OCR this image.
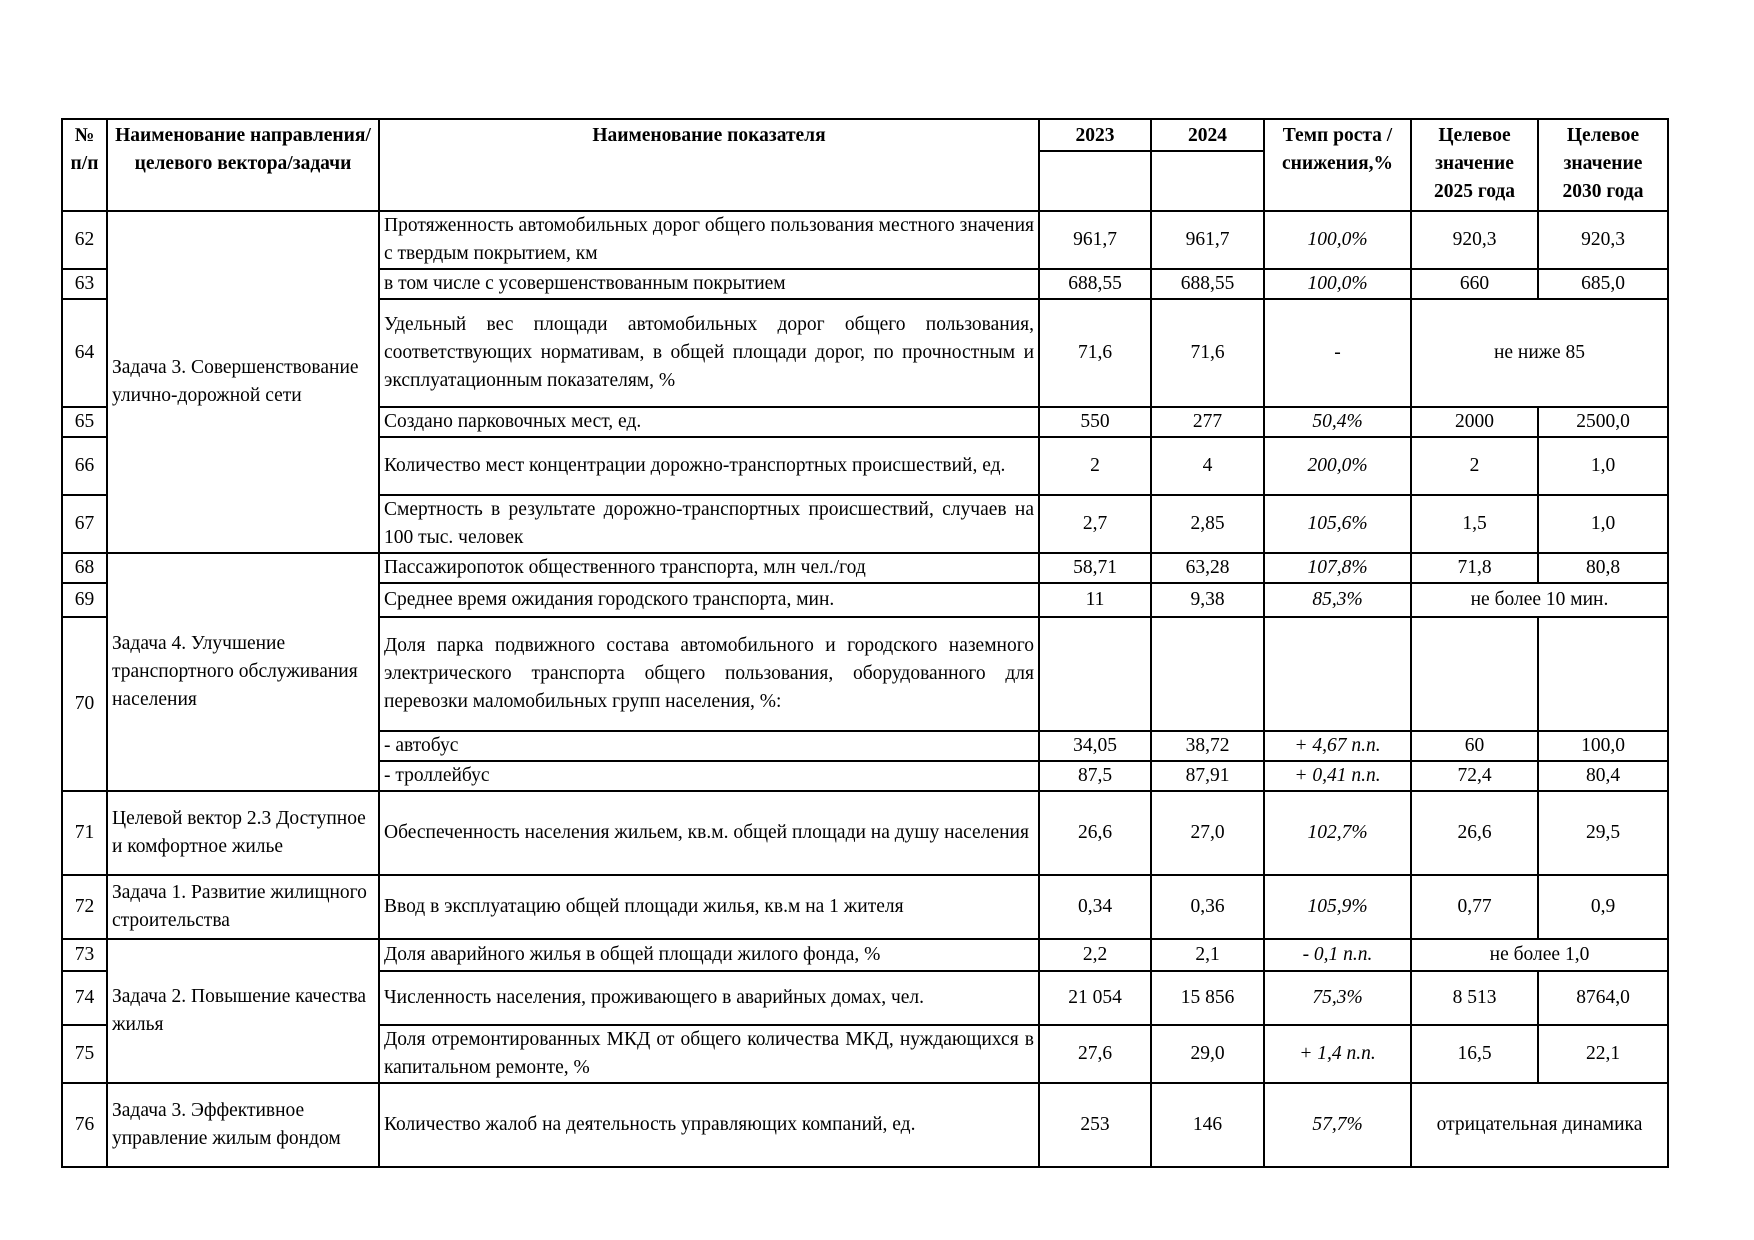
№ п/п	Наименование направления/целевого вектора/задачи	Наименование показателя	2023	2024	Темп роста / снижения,%	Целевое значение 2025 года	Целевое значение 2030 года

62	Задача 3. Совершенствование улично-дорожной сети	Протяженность автомобильных дорог общего пользования местного значения с твердым покрытием, км	961,7	961,7	100,0%	920,3	920,3
63		в том числе с усовершенствованным покрытием	688,55	688,55	100,0%	660	685,0
64		Удельный вес площади автомобильных дорог общего пользования, соответствующих нормативам, в общей площади дорог, по прочностным и эксплуатационным показателям, %	71,6	71,6	-	не ниже 85	
65		Создано парковочных мест, ед.	550	277	50,4%	2000	2500,0
66		Количество мест концентрации дорожно-транспортных происшествий, ед.	2	4	200,0%	2	1,0
67		Смертность в результате дорожно-транспортных происшествий, случаев на 100 тыс. человек	2,7	2,85	105,6%	1,5	1,0
68	Задача 4. Улучшение транспортного обслуживания населения	Пассажиропоток общественного транспорта, млн чел./год	58,71	63,28	107,8%	71,8	80,8
69		Среднее время ожидания городского транспорта, мин.	11	9,38	85,3%	не более 10 мин.	
70		Доля парка подвижного состава автомобильного и городского наземного электрического транспорта общего пользования, оборудованного для перевозки маломобильных групп населения, %:					
		- автобус	34,05	38,72	+ 4,67 п.п.	60	100,0
		- троллейбус	87,5	87,91	+ 0,41 п.п.	72,4	80,4
71	Целевой вектор 2.3 Доступное и комфортное жилье	Обеспеченность населения жильем, кв.м. общей площади на душу населения	26,6	27,0	102,7%	26,6	29,5
72	Задача 1. Развитие жилищного строительства	Ввод в эксплуатацию общей площади жилья, кв.м на 1 жителя	0,34	0,36	105,9%	0,77	0,9
73	Задача 2. Повышение качества жилья	Доля аварийного жилья в общей площади жилого фонда, %	2,2	2,1	- 0,1 п.п.	не более 1,0	
74		Численность населения, проживающего в аварийных домах, чел.	21 054	15 856	75,3%	8 513	8764,0
75		Доля отремонтированных МКД от общего количества МКД, нуждающихся в капитальном ремонте, %	27,6	29,0	+ 1,4 п.п.	16,5	22,1
76	Задача 3. Эффективное управление жилым фондом	Количество жалоб на деятельность управляющих компаний, ед.	253	146	57,7%	отрицательная динамика	
